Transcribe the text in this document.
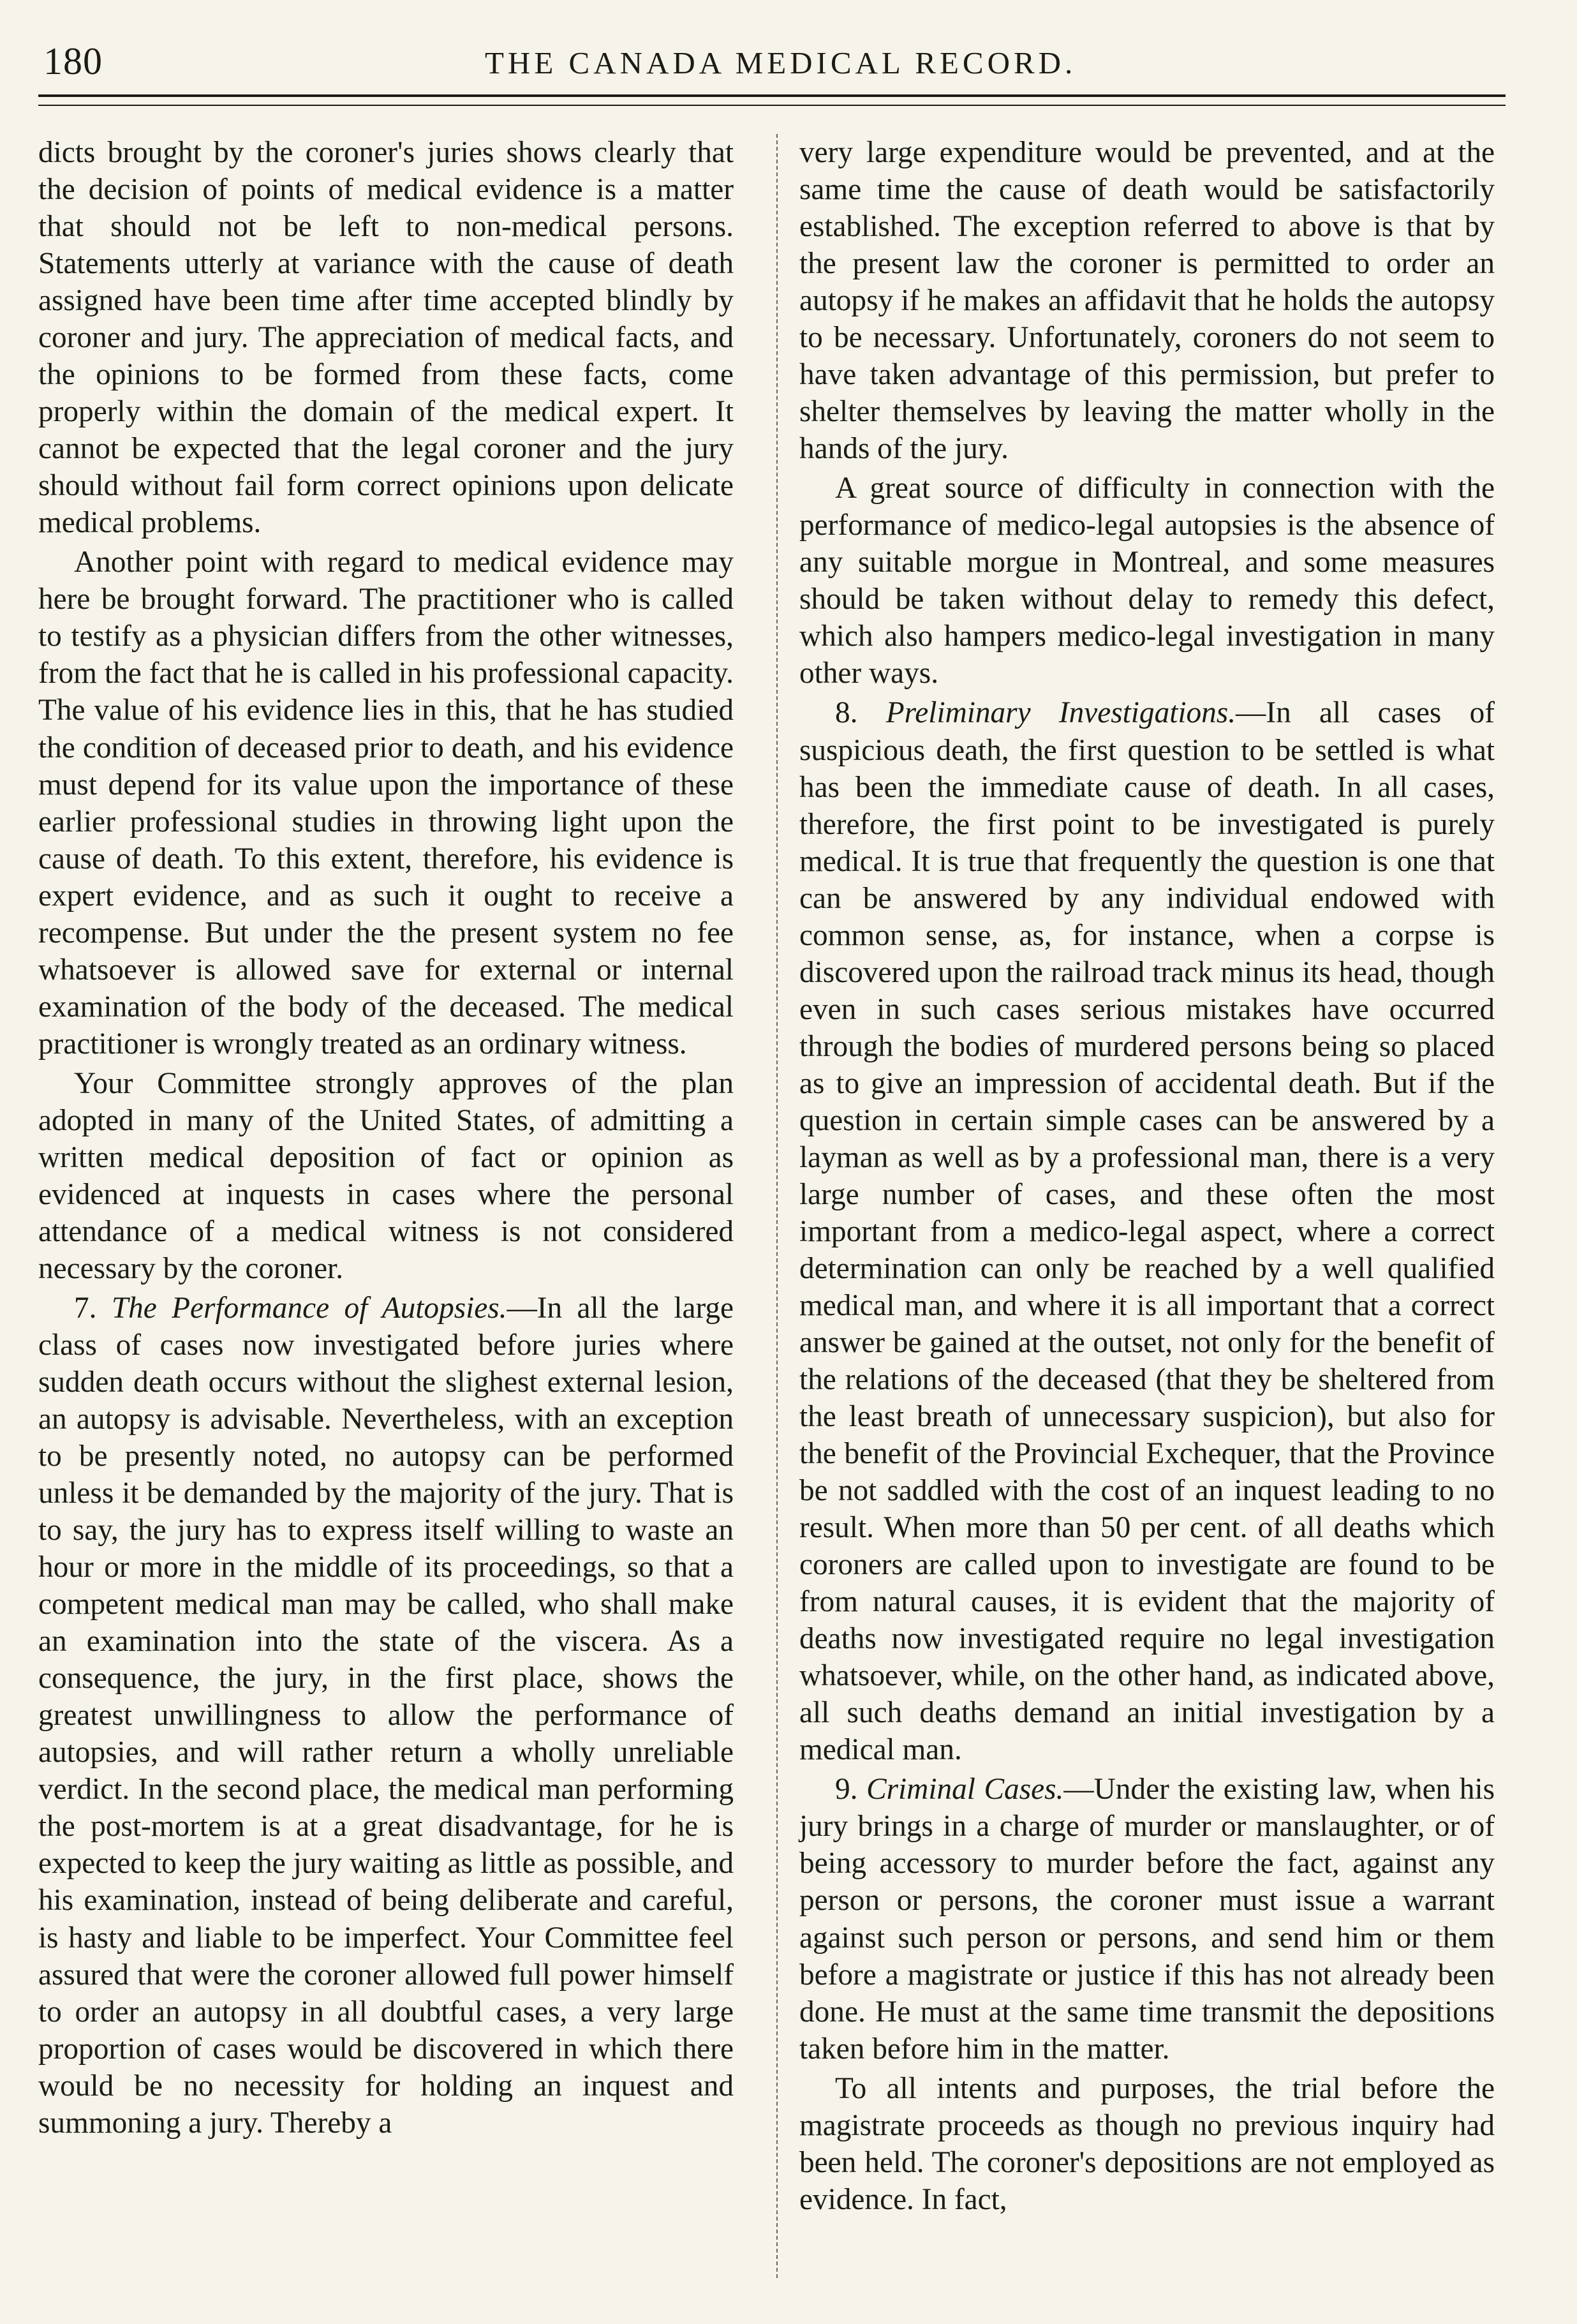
180	THE CANADA MEDICAL RECORD.

dicts brought by the coroner's juries shows clearly that the decision of points of medical evidence is a matter that should not be left to non-medical persons. Statements utterly at variance with the cause of death assigned have been time after time accepted blindly by coroner and jury. The appreciation of medical facts, and the opinions to be formed from these facts, come properly within the domain of the medical expert. It cannot be expected that the legal coroner and the jury should without fail form correct opinions upon delicate medical problems.

Another point with regard to medical evidence may here be brought forward. The practitioner who is called to testify as a physician differs from the other witnesses, from the fact that he is called in his professional capacity. The value of his evidence lies in this, that he has studied the condition of deceased prior to death, and his evidence must depend for its value upon the importance of these earlier professional studies in throwing light upon the cause of death. To this extent, therefore, his evidence is expert evidence, and as such it ought to receive a recompense. But under the the present system no fee whatsoever is allowed save for external or internal examination of the body of the deceased. The medical practitioner is wrongly treated as an ordinary witness.

Your Committee strongly approves of the plan adopted in many of the United States, of admitting a written medical deposition of fact or opinion as evidenced at inquests in cases where the personal attendance of a medical witness is not considered necessary by the coroner.

7. The Performance of Autopsies.—In all the large class of cases now investigated before juries where sudden death occurs without the slighest external lesion, an autopsy is advisable. Nevertheless, with an exception to be presently noted, no autopsy can be performed unless it be demanded by the majority of the jury. That is to say, the jury has to express itself willing to waste an hour or more in the middle of its proceedings, so that a competent medical man may be called, who shall make an examination into the state of the viscera. As a consequence, the jury, in the first place, shows the greatest unwillingness to allow the performance of autopsies, and will rather return a wholly unreliable verdict. In the second place, the medical man performing the post-mortem is at a great disadvantage, for he is expected to keep the jury waiting as little as possible, and his examination, instead of being deliberate and careful, is hasty and liable to be imperfect. Your Committee feel assured that were the coroner allowed full power himself to order an autopsy in all doubtful cases, a very large proportion of cases would be discovered in which there would be no necessity for holding an inquest and summoning a jury. Thereby a

very large expenditure would be prevented, and at the same time the cause of death would be satisfactorily established. The exception referred to above is that by the present law the coroner is permitted to order an autopsy if he makes an affidavit that he holds the autopsy to be necessary. Unfortunately, coroners do not seem to have taken advantage of this permission, but prefer to shelter themselves by leaving the matter wholly in the hands of the jury.

A great source of difficulty in connection with the performance of medico-legal autopsies is the absence of any suitable morgue in Montreal, and some measures should be taken without delay to remedy this defect, which also hampers medico-legal investigation in many other ways.

8. Preliminary Investigations.—In all cases of suspicious death, the first question to be settled is what has been the immediate cause of death. In all cases, therefore, the first point to be investigated is purely medical. It is true that frequently the question is one that can be answered by any individual endowed with common sense, as, for instance, when a corpse is discovered upon the railroad track minus its head, though even in such cases serious mistakes have occurred through the bodies of murdered persons being so placed as to give an impression of accidental death. But if the question in certain simple cases can be answered by a layman as well as by a professional man, there is a very large number of cases, and these often the most important from a medico-legal aspect, where a correct determination can only be reached by a well qualified medical man, and where it is all important that a correct answer be gained at the outset, not only for the benefit of the relations of the deceased (that they be sheltered from the least breath of unnecessary suspicion), but also for the benefit of the Provincial Exchequer, that the Province be not saddled with the cost of an inquest leading to no result. When more than 50 per cent. of all deaths which coroners are called upon to investigate are found to be from natural causes, it is evident that the majority of deaths now investigated require no legal investigation whatsoever, while, on the other hand, as indicated above, all such deaths demand an initial investigation by a medical man.

9. Criminal Cases.—Under the existing law, when his jury brings in a charge of murder or manslaughter, or of being accessory to murder before the fact, against any person or persons, the coroner must issue a warrant against such person or persons, and send him or them before a magistrate or justice if this has not already been done. He must at the same time transmit the depositions taken before him in the matter.

To all intents and purposes, the trial before the magistrate proceeds as though no previous inquiry had been held. The coroner's depositions are not employed as evidence. In fact,
